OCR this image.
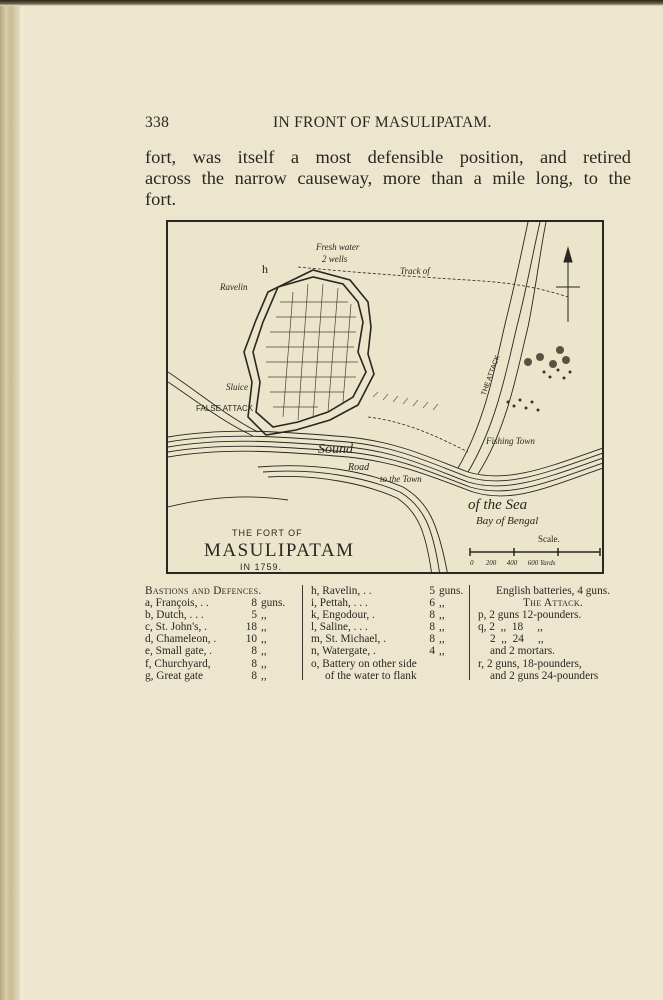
338	IN FRONT OF MASULIPATAM.
fort, was itself a most defensible position, and retired
across the narrow causeway, more than a mile long, to the
fort.
Fresh water
2 wells
Track of
Ravelin
h
FALSE ATTACK
Sluice
Sound
Road
to the Town
THE ATTACK
Fishing Town
of the Sea
Bay of Bengal
THE FORT OF
MASULIPATAM
IN 1759.
Scale.
0       200      400      600 Yards
Bastions and Defences.
a, François, . .	8 guns.
b, Dutch, . . .	5 ,,
c, St. John's, .	18 ,,
d, Chameleon, .	10 ,,
e, Small gate, .	8 ,,
f, Churchyard,	8 ,,
g, Great gate	8 ,,
h, Ravelin, . .	5 guns.
i, Pettah, . . .	6 ,,
k, Engodour, .	8 ,,
l, Saline, . . .	8 ,,
m, St. Michael, .	8 ,,
n, Watergate, .	4 ,,
o, Battery on other side
of the water to flank
English batteries, 4 guns.
The Attack.
p, 2 guns 12-pounders.
q, 2  ,,  18     ,,
2  ,,  24     ,,
and 2 mortars.
r, 2 guns, 18-pounders,
and 2 guns 24-pounders
